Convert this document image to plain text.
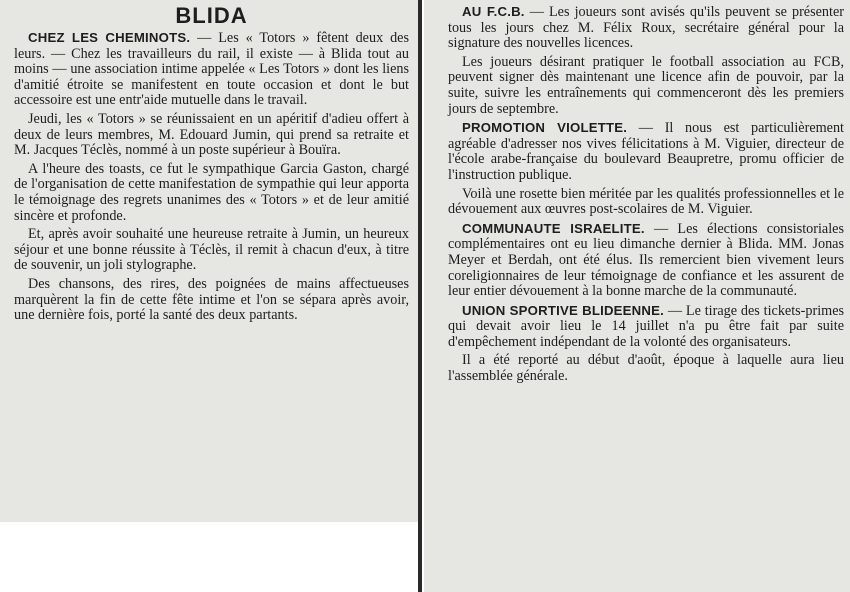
BLIDA

CHEZ LES CHEMINOTS. — Les « Totors » fêtent deux des leurs. — Chez les travailleurs du rail, il existe — à Blida tout au moins — une association intime appelée « Les Totors » dont les liens d'amitié étroite se manifestent en toute occasion et dont le but accessoire est une entr'aide mutuelle dans le travail.

Jeudi, les « Totors » se réunissaient en un apéritif d'adieu offert à deux de leurs membres, M. Edouard Jumin, qui prend sa retraite et M. Jacques Téclès, nommé à un poste supérieur à Bouïra.

A l'heure des toasts, ce fut le sympathique Garcia Gaston, chargé de l'organisation de cette manifestation de sympathie qui leur apporta le témoignage des regrets unanimes des « Totors » et de leur amitié sincère et profonde.

Et, après avoir souhaité une heureuse retraite à Jumin, un heureux séjour et une bonne réussite à Téclès, il remit à chacun d'eux, à titre de souvenir, un joli stylographe.

Des chansons, des rires, des poignées de mains affectueuses marquèrent la fin de cette fête intime et l'on se sépara après avoir, une dernière fois, porté la santé des deux partants.

AU F.C.B. — Les joueurs sont avisés qu'ils peuvent se présenter tous les jours chez M. Félix Roux, secrétaire général pour la signature des nouvelles licences.

Les joueurs désirant pratiquer le football association au FCB, peuvent signer dès maintenant une licence afin de pouvoir, par la suite, suivre les entraînements qui commenceront dès les premiers jours de septembre.

PROMOTION VIOLETTE. — Il nous est particulièrement agréable d'adresser nos vives félicitations à M. Viguier, directeur de l'école arabe-française du boulevard Beaupretre, promu officier de l'instruction publique.

Voilà une rosette bien méritée par les qualités professionnelles et le dévouement aux œuvres post-scolaires de M. Viguier.

COMMUNAUTE ISRAELITE. — Les élections consistoriales complémentaires ont eu lieu dimanche dernier à Blida. MM. Jonas Meyer et Berdah, ont été élus. Ils remercient bien vivement leurs coreligionnaires de leur témoignage de confiance et les assurent de leur entier dévouement à la bonne marche de la communauté.

UNION SPORTIVE BLIDEENNE. — Le tirage des tickets-primes qui devait avoir lieu le 14 juillet n'a pu être fait par suite d'empêchement indépendant de la volonté des organisateurs.

Il a été reporté au début d'août, époque à laquelle aura lieu l'assemblée générale.
